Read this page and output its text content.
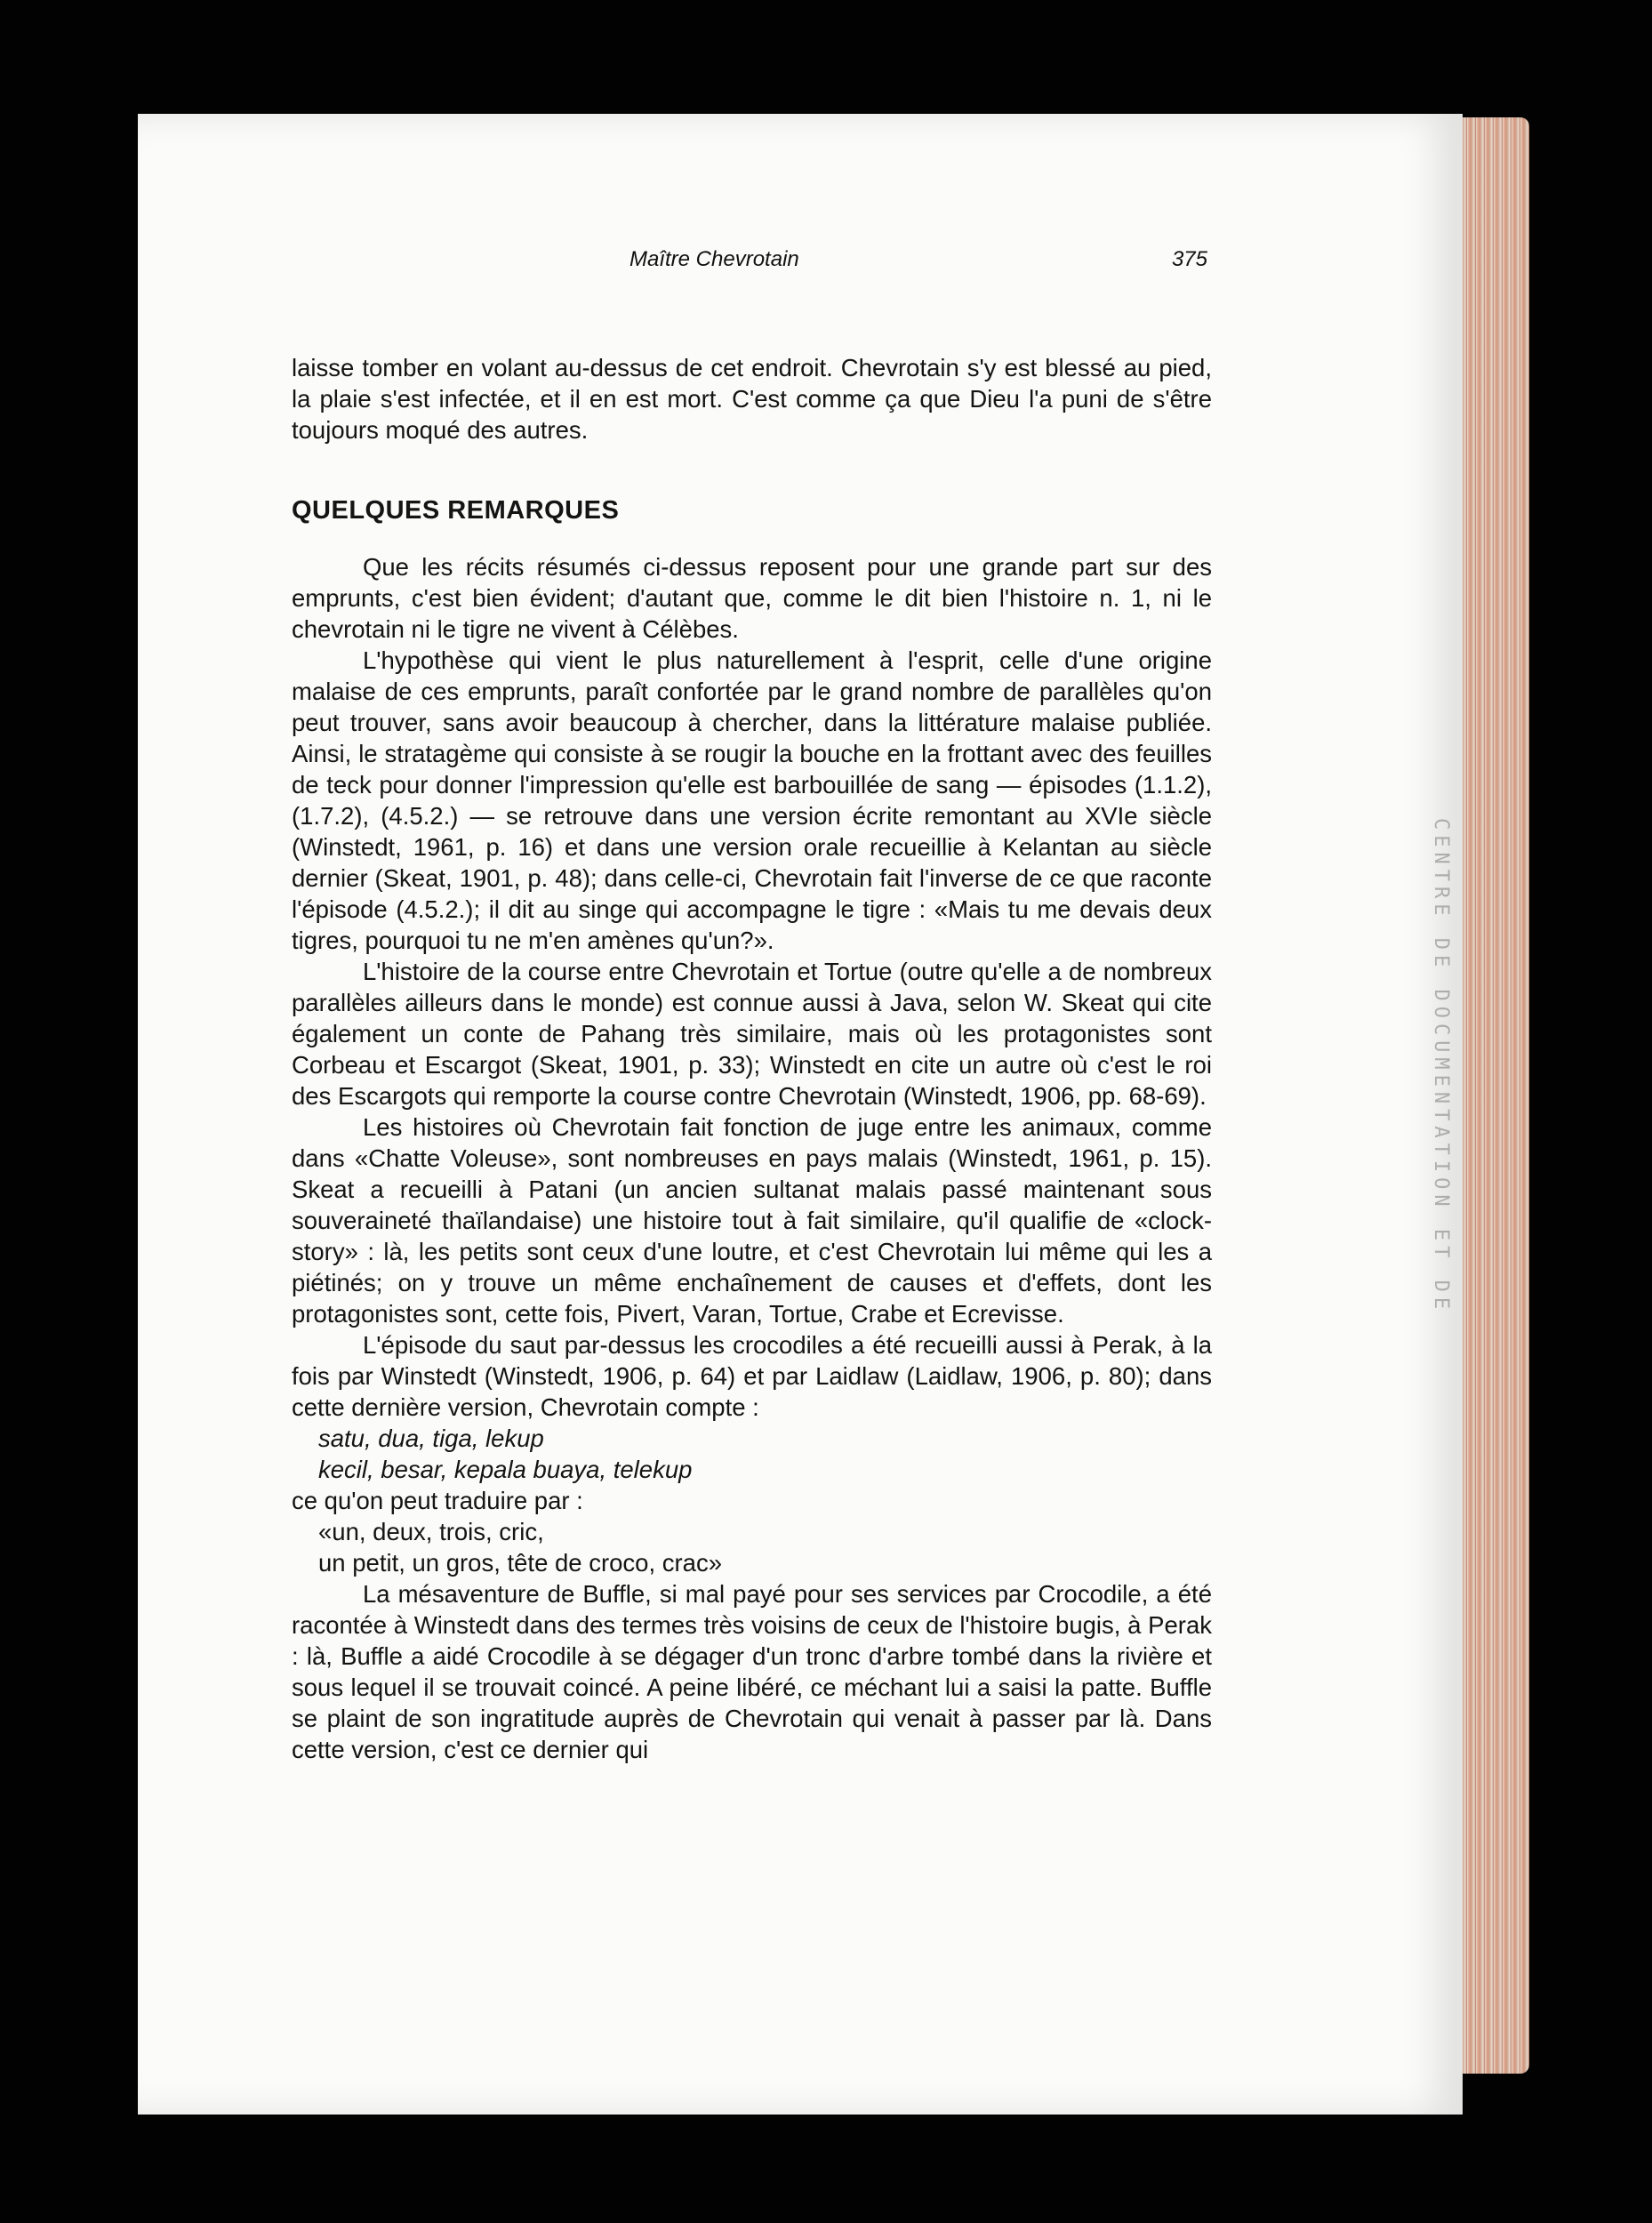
CENTRE DE DOCUMENTATION ET DE
Maître Chevrotain	375

laisse tomber en volant au-dessus de cet endroit. Chevrotain s'y est blessé au pied, la plaie s'est infectée, et il en est mort. C'est comme ça que Dieu l'a puni de s'être toujours moqué des autres.

QUELQUES REMARQUES

Que les récits résumés ci-dessus reposent pour une grande part sur des emprunts, c'est bien évident; d'autant que, comme le dit bien l'histoire n. 1, ni le chevrotain ni le tigre ne vivent à Célèbes.

L'hypothèse qui vient le plus naturellement à l'esprit, celle d'une origine malaise de ces emprunts, paraît confortée par le grand nombre de parallèles qu'on peut trouver, sans avoir beaucoup à chercher, dans la littérature malaise publiée. Ainsi, le stratagème qui consiste à se rougir la bouche en la frottant avec des feuilles de teck pour donner l'impression qu'elle est barbouillée de sang — épisodes (1.1.2), (1.7.2), (4.5.2.) — se retrouve dans une version écrite remontant au XVIe siècle (Winstedt, 1961, p. 16) et dans une version orale recueillie à Kelantan au siècle dernier (Skeat, 1901, p. 48); dans celle-ci, Chevrotain fait l'inverse de ce que raconte l'épisode (4.5.2.); il dit au singe qui accompagne le tigre : «Mais tu me devais deux tigres, pourquoi tu ne m'en amènes qu'un?».

L'histoire de la course entre Chevrotain et Tortue (outre qu'elle a de nombreux parallèles ailleurs dans le monde) est connue aussi à Java, selon W. Skeat qui cite également un conte de Pahang très similaire, mais où les protagonistes sont Corbeau et Escargot (Skeat, 1901, p. 33); Winstedt en cite un autre où c'est le roi des Escargots qui remporte la course contre Chevrotain (Winstedt, 1906, pp. 68-69).

Les histoires où Chevrotain fait fonction de juge entre les animaux, comme dans «Chatte Voleuse», sont nombreuses en pays malais (Winstedt, 1961, p. 15). Skeat a recueilli à Patani (un ancien sultanat malais passé maintenant sous souveraineté thaïlandaise) une histoire tout à fait similaire, qu'il qualifie de «clock-story» : là, les petits sont ceux d'une loutre, et c'est Chevrotain lui même qui les a piétinés; on y trouve un même enchaînement de causes et d'effets, dont les protagonistes sont, cette fois, Pivert, Varan, Tortue, Crabe et Ecrevisse.

L'épisode du saut par-dessus les crocodiles a été recueilli aussi à Perak, à la fois par Winstedt (Winstedt, 1906, p. 64) et par Laidlaw (Laidlaw, 1906, p. 80); dans cette dernière version, Chevrotain compte :

satu, dua, tiga, lekup

kecil, besar, kepala buaya, telekup

ce qu'on peut traduire par :

«un, deux, trois, cric,

un petit, un gros, tête de croco, crac»

La mésaventure de Buffle, si mal payé pour ses services par Crocodile, a été racontée à Winstedt dans des termes très voisins de ceux de l'histoire bugis, à Perak : là, Buffle a aidé Crocodile à se dégager d'un tronc d'arbre tombé dans la rivière et sous lequel il se trouvait coincé. A peine libéré, ce méchant lui a saisi la patte. Buffle se plaint de son ingratitude auprès de Chevrotain qui venait à passer par là. Dans cette version, c'est ce dernier qui
